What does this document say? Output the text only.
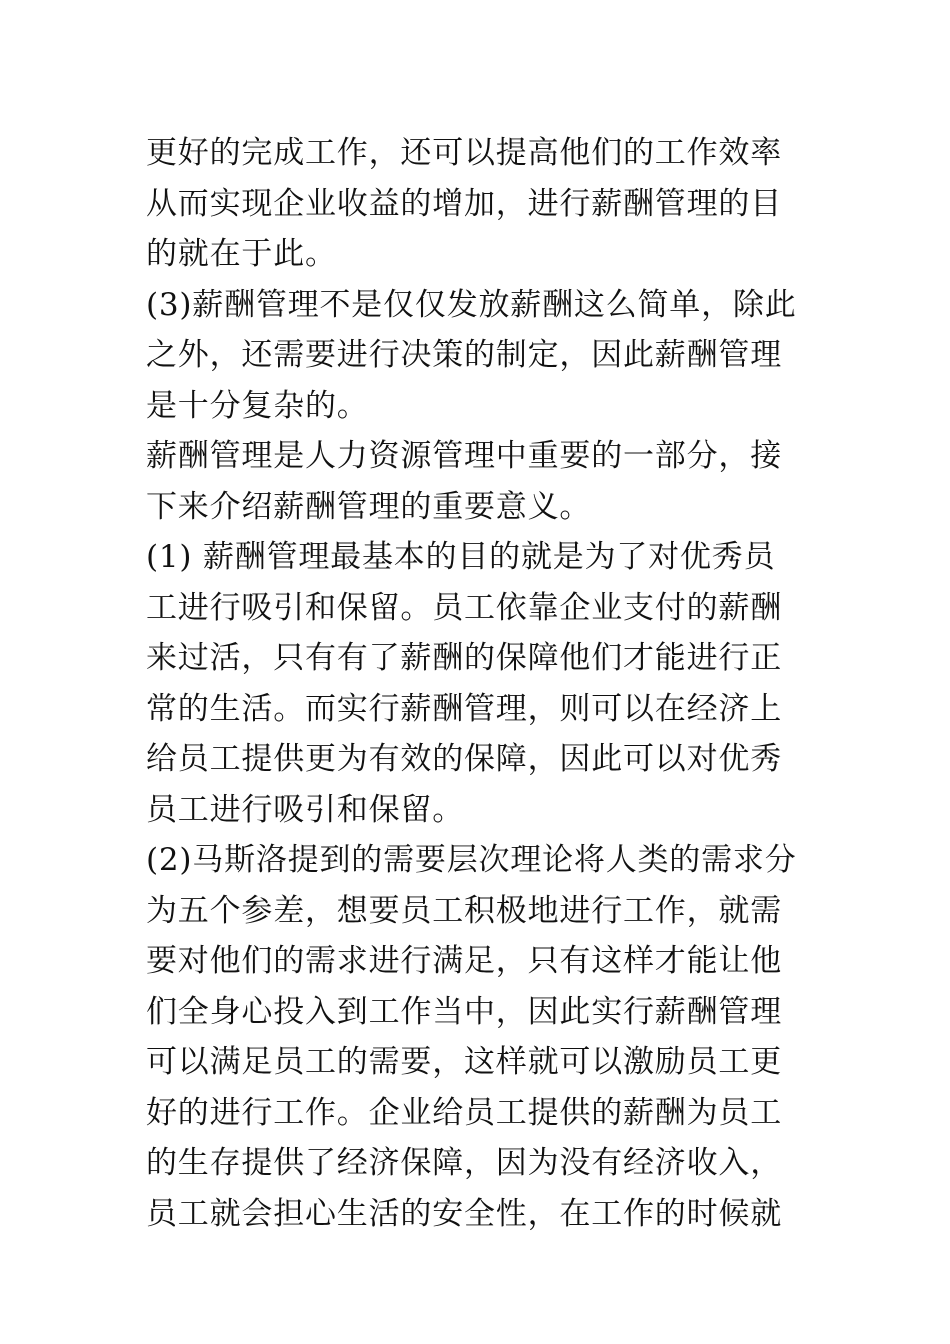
更好的完成工作，还可以提高他们的工作效率
从而实现企业收益的增加，进行薪酬管理的目
的就在于此。
(3)薪酬管理不是仅仅发放薪酬这么简单，除此
之外，还需要进行决策的制定，因此薪酬管理
是十分复杂的。
薪酬管理是人力资源管理中重要的一部分，接
下来介绍薪酬管理的重要意义。
(1) 薪酬管理最基本的目的就是为了对优秀员
工进行吸引和保留。员工依靠企业支付的薪酬
来过活，只有有了薪酬的保障他们才能进行正
常的生活。而实行薪酬管理，则可以在经济上
给员工提供更为有效的保障，因此可以对优秀
员工进行吸引和保留。
(2)马斯洛提到的需要层次理论将人类的需求分
为五个参差，想要员工积极地进行工作，就需
要对他们的需求进行满足，只有这样才能让他
们全身心投入到工作当中，因此实行薪酬管理
可以满足员工的需要，这样就可以激励员工更
好的进行工作。企业给员工提供的薪酬为员工
的生存提供了经济保障，因为没有经济收入，
员工就会担心生活的安全性，在工作的时候就
